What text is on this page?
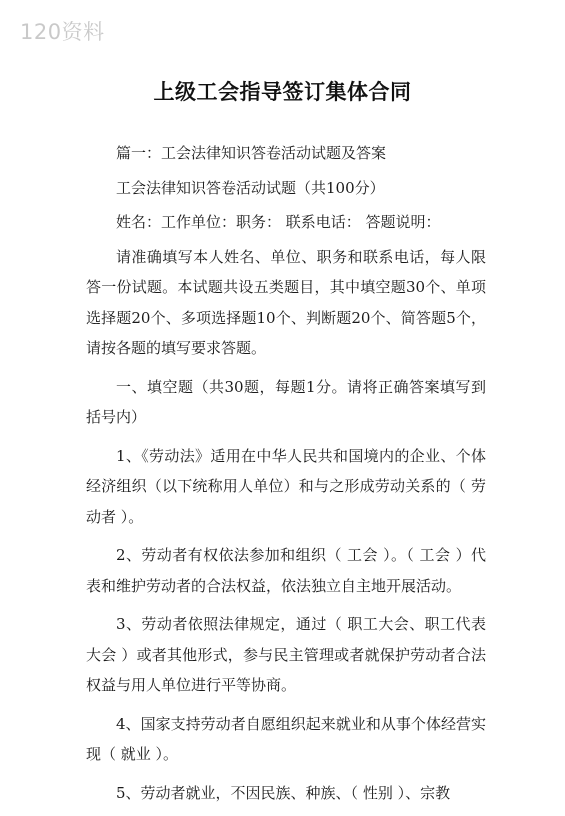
120资料
上级工会指导签订集体合同

篇一：工会法律知识答卷活动试题及答案

工会法律知识答卷活动试题（共100分）

姓名：工作单位：职务： 联系电话： 答题说明：

请准确填写本人姓名、单位、职务和联系电话，每人限答一份试题。本试题共设五类题目，其中填空题30个、单项选择题20个、多项选择题10个、判断题20个、简答题5个，请按各题的填写要求答题。

一、填空题（共30题，每题1分。请将正确答案填写到括号内）

1、《劳动法》适用在中华人民共和国境内的企业、个体经济组织（以下统称用人单位）和与之形成劳动关系的（ 劳动者 ）。

2、劳动者有权依法参加和组织（ 工会 ）。（ 工会 ）代表和维护劳动者的合法权益，依法独立自主地开展活动。

3、劳动者依照法律规定，通过（ 职工大会、职工代表大会 ）或者其他形式，参与民主管理或者就保护劳动者合法权益与用人单位进行平等协商。

4、国家支持劳动者自愿组织起来就业和从事个体经营实现（ 就业 ）。

5、劳动者就业，不因民族、种族、（ 性别 ）、宗教
